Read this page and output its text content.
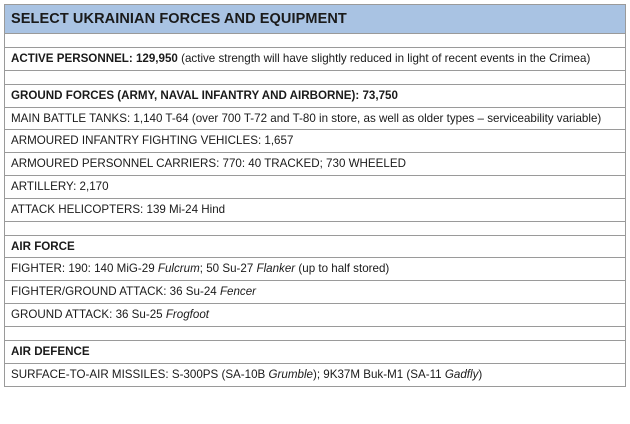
SELECT UKRAINIAN FORCES AND EQUIPMENT
ACTIVE PERSONNEL: 129,950 (active strength will have slightly reduced in light of recent events in the Crimea)
GROUND FORCES (ARMY, NAVAL INFANTRY AND AIRBORNE): 73,750
MAIN BATTLE TANKS: 1,140 T-64 (over 700 T-72 and T-80 in store, as well as older types – serviceability variable)
ARMOURED INFANTRY FIGHTING VEHICLES: 1,657
ARMOURED PERSONNEL CARRIERS: 770: 40 TRACKED; 730 WHEELED
ARTILLERY: 2,170
ATTACK HELICOPTERS: 139 Mi-24 Hind
AIR FORCE
FIGHTER: 190: 140 MiG-29 Fulcrum; 50 Su-27 Flanker (up to half stored)
FIGHTER/GROUND ATTACK: 36 Su-24 Fencer
GROUND ATTACK: 36 Su-25 Frogfoot
AIR DEFENCE
SURFACE-TO-AIR MISSILES: S-300PS (SA-10B Grumble); 9K37M Buk-M1 (SA-11 Gadfly)
